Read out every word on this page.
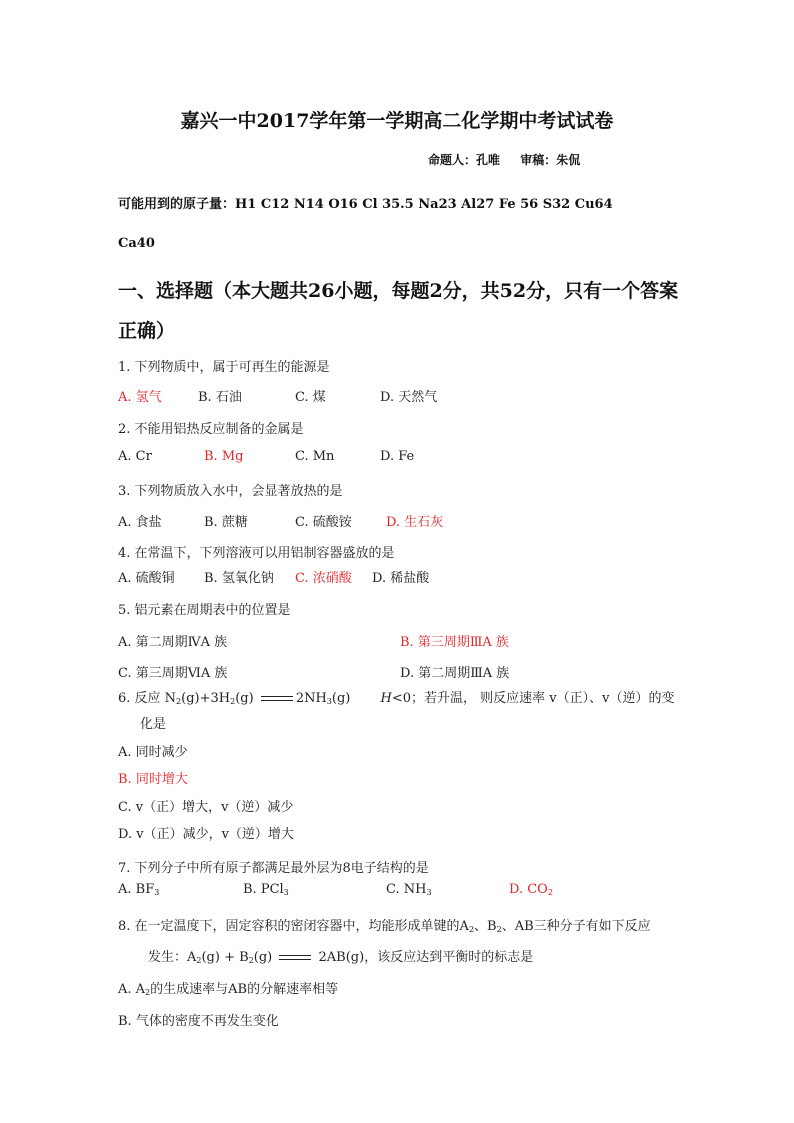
嘉兴一中2017学年第一学期高二化学期中考试试卷
命题人：孔唯 审稿：朱侃
可能用到的原子量：H1 C12 N14 O16 Cl 35.5 Na23 Al27 Fe 56 S32 Cu64
Ca40
一、选择题（本大题共26小题，每题2分，共52分，只有一个答案
正确）
1. 下列物质中，属于可再生的能源是
A. 氢气	B. 石油	C. 煤	D. 天然气
2. 不能用铝热反应制备的金属是
A. Cr	B. Mg	C. Mn	D. Fe
3. 下列物质放入水中，会显著放热的是
A. 食盐	B. 蔗糖	C. 硫酸铵	D. 生石灰
4. 在常温下，下列溶液可以用铝制容器盛放的是
A. 硫酸铜 B. 氢氧化钠 C. 浓硝酸 D. 稀盐酸
5. 铝元素在周期表中的位置是
A. 第二周期ⅣA 族	B. 第三周期ⅢA 族
C. 第三周期ⅥA 族	D. 第二周期ⅢA 族
6. 反应 $N_2(g)+3H_2(g)$	$2NH_3(g)$ H<0；若升温， 则反应速率 v（正）、v（逆）的变
化是
A. 同时减少
B. 同时增大
C. v（正）增大，v（逆）减少
D. v（正）减少，v（逆）增大
7. 下列分子中所有原子都满足最外层为8电子结构的是
A. $BF_3$	B. PCl$_3$	C. $NH_3$	D. $CO_2$
8. 在一定温度下，固定容积的密闭容器中，均能形成单键的$A_2$、$B_2$、AB三种分子有如下反应
发生：$A_2(g) + B_2(g)$	2AB(g)，该反应达到平衡时的标志是
A. $A_2$的生成速率与AB的分解速率相等
B. 气体的密度不再发生变化
